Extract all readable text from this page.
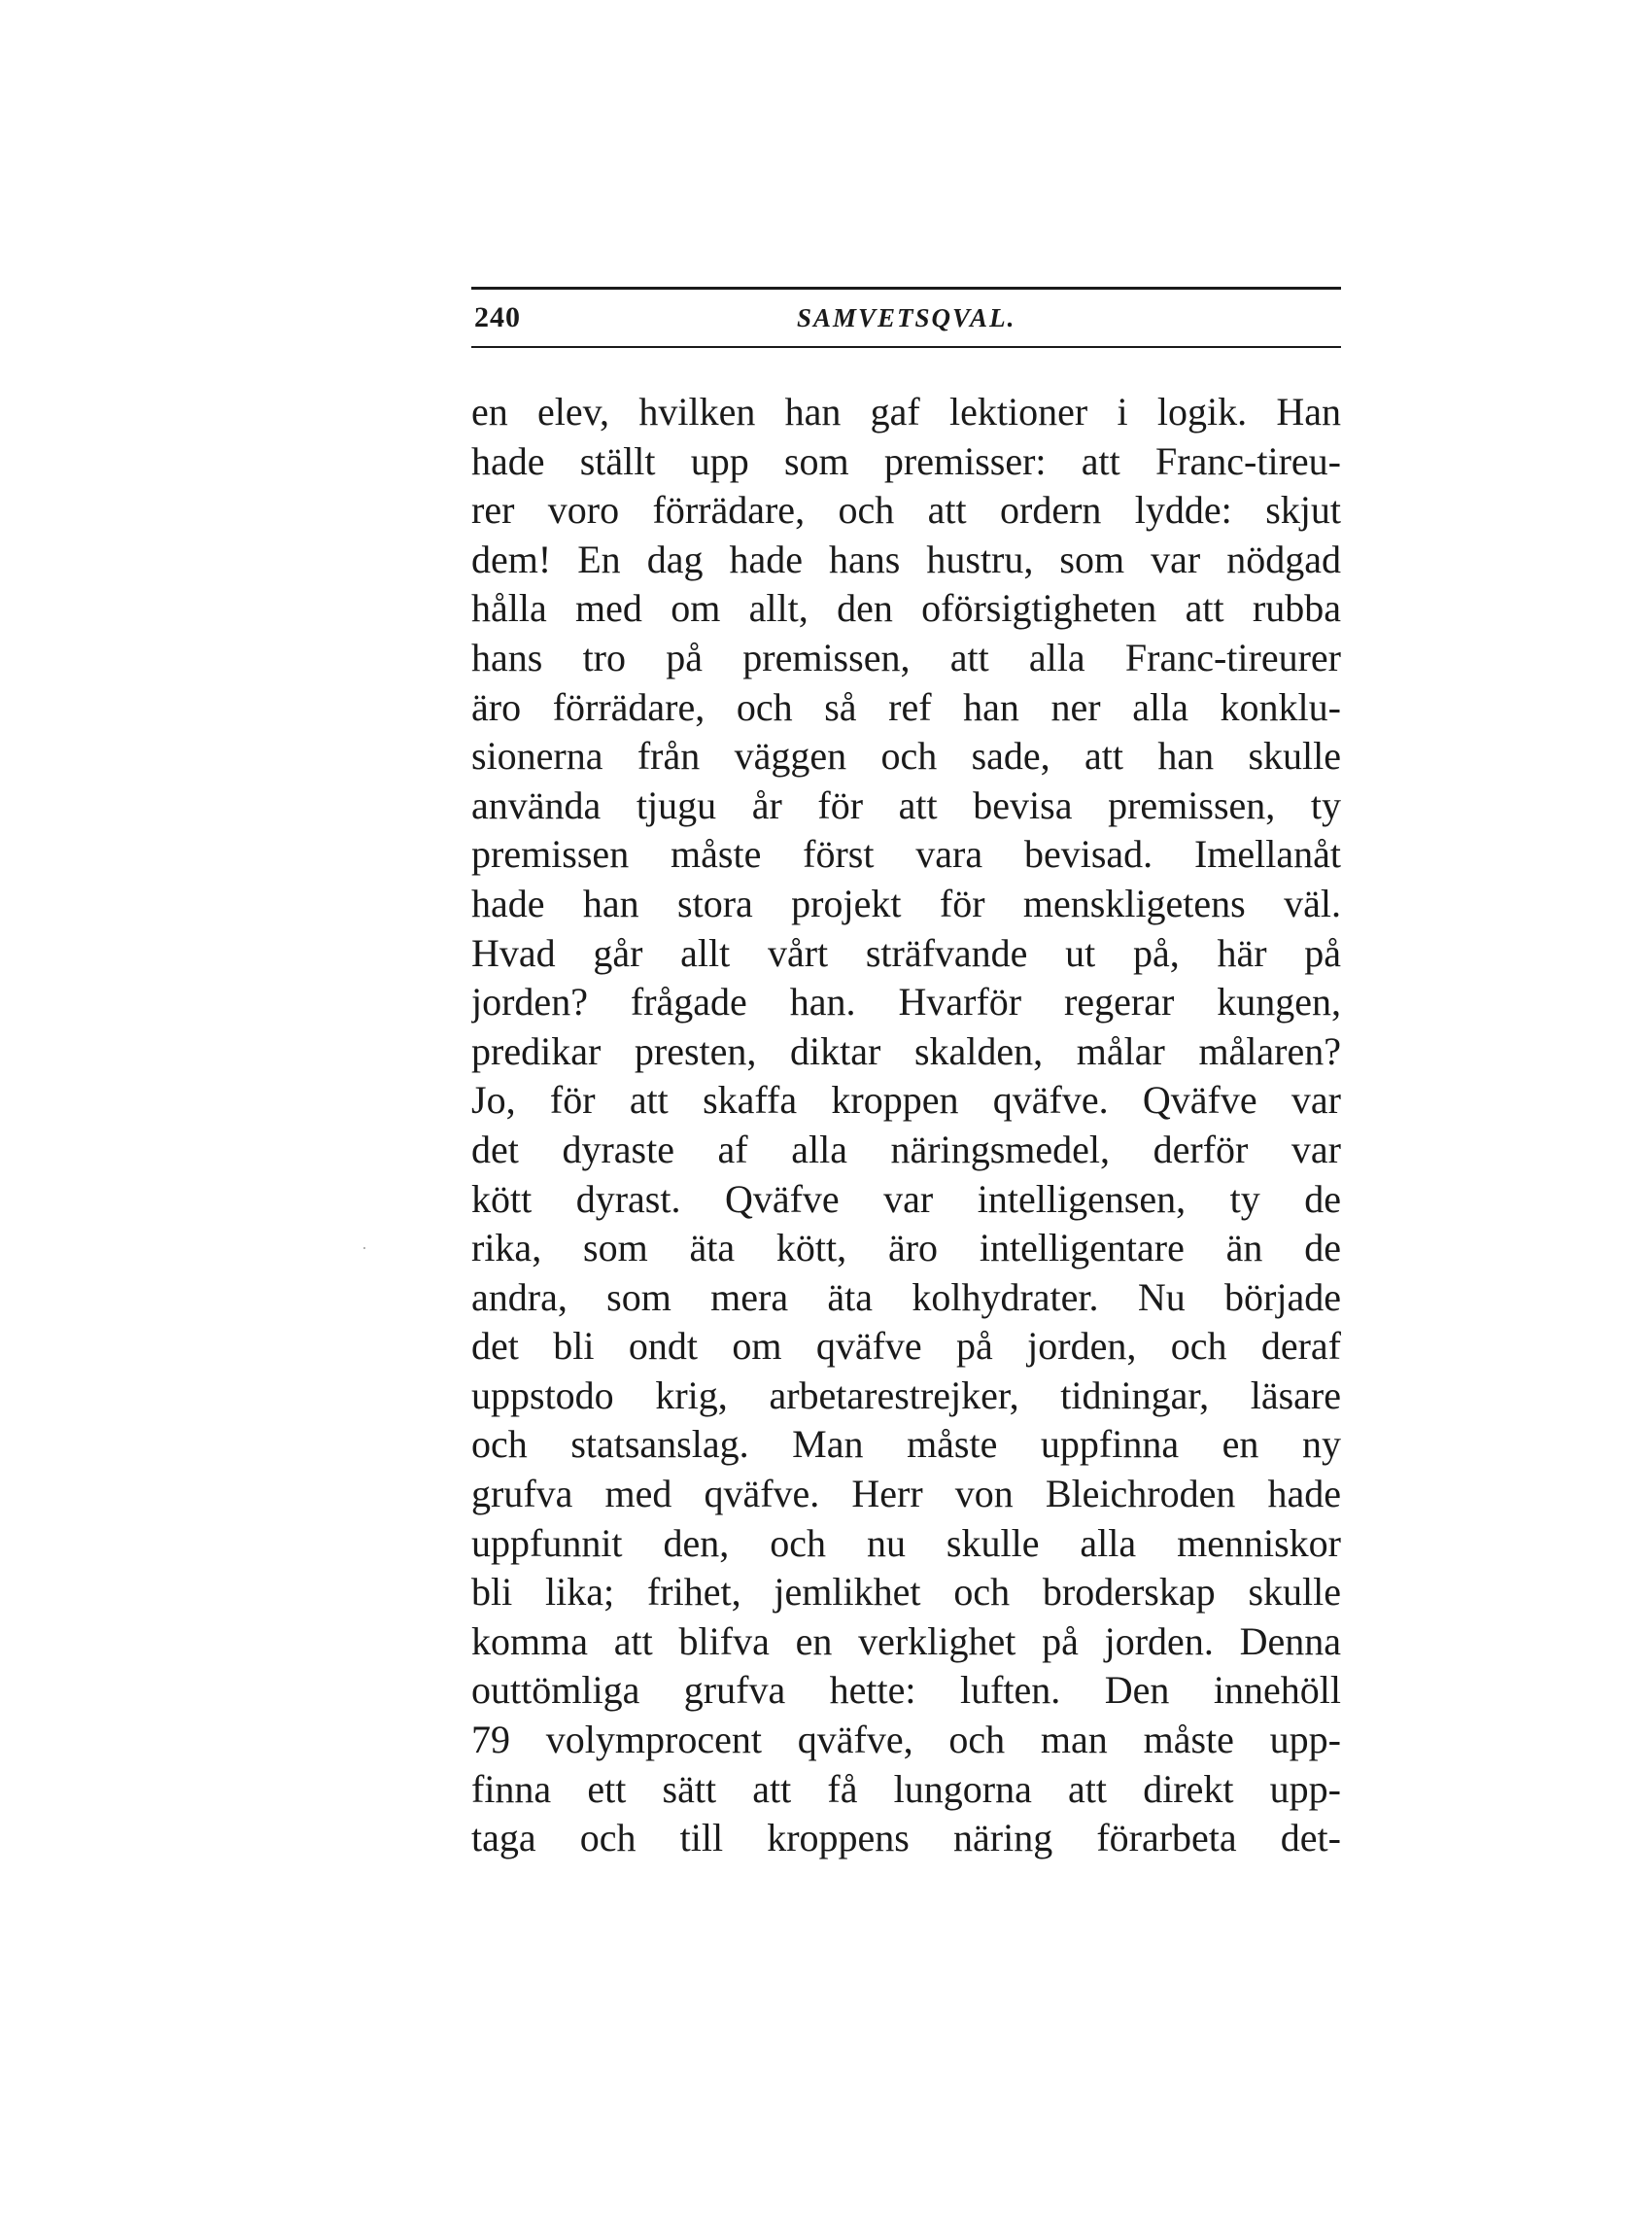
240	SAMVETSQVAL.
en elev, hvilken han gaf lektioner i logik. Han
hade ställt upp som premisser: att Franc-tireu-
rer voro förrädare, och att ordern lydde: skjut
dem! En dag hade hans hustru, som var nödgad
hålla med om allt, den oförsigtigheten att rubba
hans tro på premissen, att alla Franc-tireurer
äro förrädare, och så ref han ner alla konklu-
sionerna från väggen och sade, att han skulle
använda tjugu år för att bevisa premissen, ty
premissen måste först vara bevisad. Imellanåt
hade han stora projekt för menskligetens väl.
Hvad går allt vårt sträfvande ut på, här på
jorden? frågade han. Hvarför regerar kungen,
predikar presten, diktar skalden, målar målaren?
Jo, för att skaffa kroppen qväfve. Qväfve var
det dyraste af alla näringsmedel, derför var
kött dyrast. Qväfve var intelligensen, ty de
rika, som äta kött, äro intelligentare än de
andra, som mera äta kolhydrater. Nu började
det bli ondt om qväfve på jorden, och deraf
uppstodo krig, arbetarestrejker, tidningar, läsare
och statsanslag. Man måste uppfinna en ny
grufva med qväfve. Herr von Bleichroden hade
uppfunnit den, och nu skulle alla menniskor
bli lika; frihet, jemlikhet och broderskap skulle
komma att blifva en verklighet på jorden. Denna
outtömliga grufva hette: luften. Den innehöll
79 volymprocent qväfve, och man måste upp-
finna ett sätt att få lungorna att direkt upp-
taga och till kroppens näring förarbeta det-
